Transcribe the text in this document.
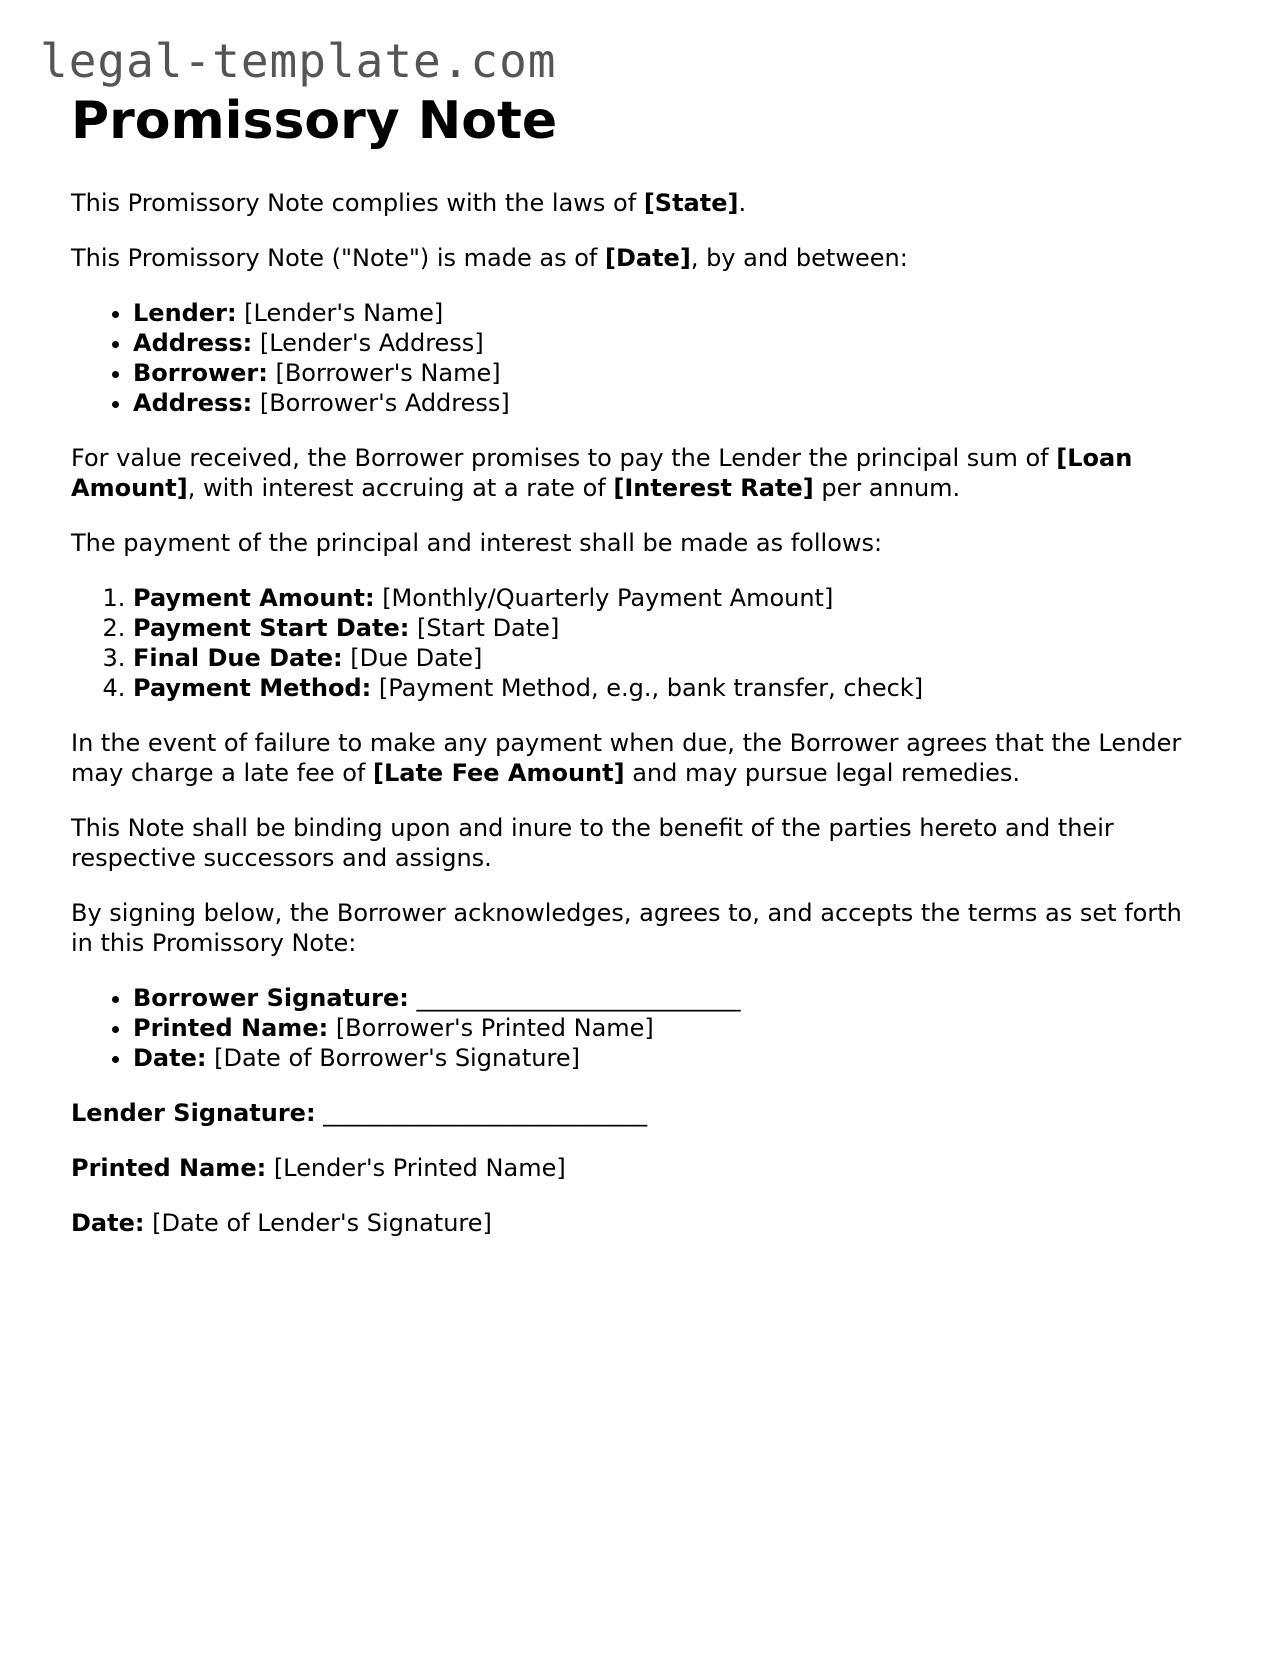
legal-template.com
Promissory Note

This Promissory Note complies with the laws of [State].

This Promissory Note ("Note") is made as of [Date], by and between:

• Lender: [Lender's Name]
• Address: [Lender's Address]
• Borrower: [Borrower's Name]
• Address: [Borrower's Address]

For value received, the Borrower promises to pay the Lender the principal sum of [Loan Amount], with interest accruing at a rate of [Interest Rate] per annum.

The payment of the principal and interest shall be made as follows:

1. Payment Amount: [Monthly/Quarterly Payment Amount]
2. Payment Start Date: [Start Date]
3. Final Due Date: [Due Date]
4. Payment Method: [Payment Method, e.g., bank transfer, check]

In the event of failure to make any payment when due, the Borrower agrees that the Lender may charge a late fee of [Late Fee Amount] and may pursue legal remedies.

This Note shall be binding upon and inure to the benefit of the parties hereto and their respective successors and assigns.

By signing below, the Borrower acknowledges, agrees to, and accepts the terms as set forth in this Promissory Note:

• Borrower Signature: ___________________________
• Printed Name: [Borrower's Printed Name]
• Date: [Date of Borrower's Signature]

Lender Signature: ___________________________

Printed Name: [Lender's Printed Name]

Date: [Date of Lender's Signature]
